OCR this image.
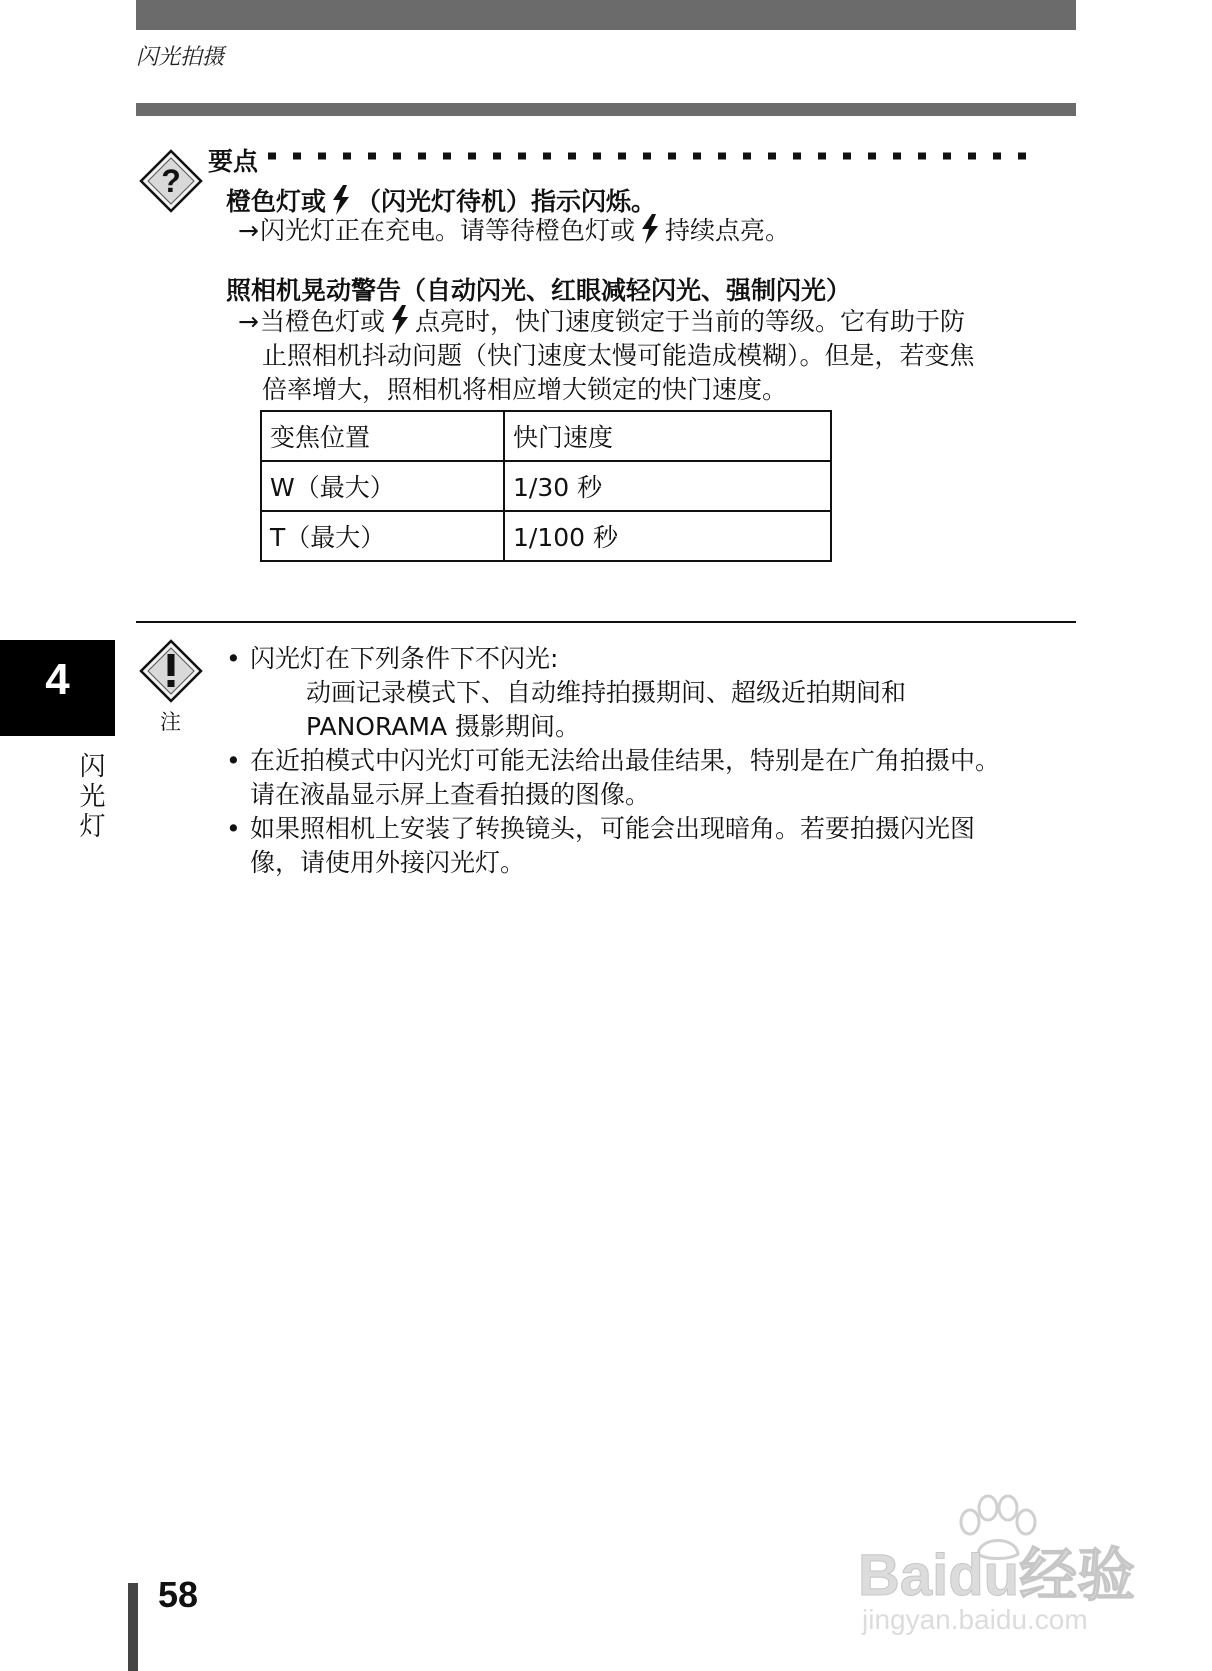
闪光拍摄
?
要点
橙色灯或 （闪光灯待机）指示闪烁。
→闪光灯正在充电。请等待橙色灯或 持续点亮。
照相机晃动警告（自动闪光、红眼减轻闪光、强制闪光）
→当橙色灯或 点亮时，快门速度锁定于当前的等级。它有助于防
止照相机抖动问题（快门速度太慢可能造成模糊）。但是，若变焦
倍率增大，照相机将相应增大锁定的快门速度。
变焦位置	快门速度
W（最大）	1/30 秒
T（最大）	1/100 秒
4
闪光灯
注
• 闪光灯在下列条件下不闪光:
动画记录模式下、自动维持拍摄期间、超级近拍期间和
PANORAMA 摄影期间。
• 在近拍模式中闪光灯可能无法给出最佳结果，特别是在广角拍摄中。
请在液晶显示屏上查看拍摄的图像。
• 如果照相机上安装了转换镜头，可能会出现暗角。若要拍摄闪光图
像，请使用外接闪光灯。
58	Baidu经验
jingyan.baidu.com
